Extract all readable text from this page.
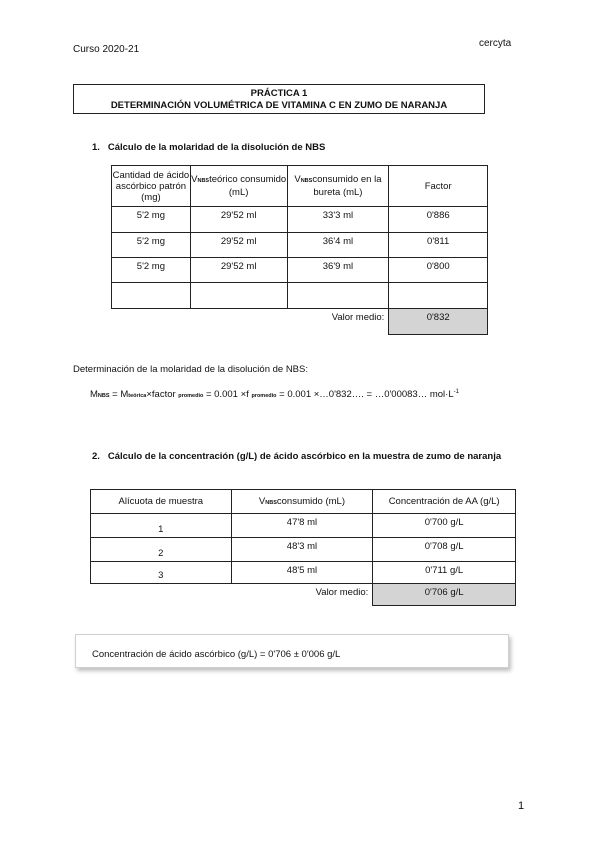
Curso 2020-21
cercyta
PRÁCTICA 1
DETERMINACIÓN VOLUMÉTRICA DE VITAMINA C EN ZUMO DE NARANJA
1.   Cálculo de la molaridad de la disolución de NBS
Cantidad de ácido ascórbico patrón (mg)	VNBSteórico consumido (mL)	VNBSconsumido en la bureta (mL)	Factor
5'2 mg	29'52 ml	33'3 ml	0'886
5'2 mg	29'52 ml	36'4 ml	0'811
5'2 mg	29'52 ml	36'9 ml	0'800

		Valor medio:	0'832
Determinación de la molaridad de la disolución de NBS:
MNBS = Mteórica×factor promedio = 0.001 ×f promedio = 0.001 ×…0'832…. = …0'00083… $mol\cdot L^{-1}$
2.   Cálculo de la concentración (g/L) de ácido ascórbico en la muestra de zumo de naranja
Alícuota de muestra	VNBSconsumido (mL)	Concentración de AA (g/L)
1	47'8 ml	0'700 g/L
2	48'3 ml	0'708 g/L
3	48'5 ml	0'711 g/L
	Valor medio:	0'706 g/L
Concentración de ácido ascórbico (g/L) = 0'706 ± 0'006 g/L
1
